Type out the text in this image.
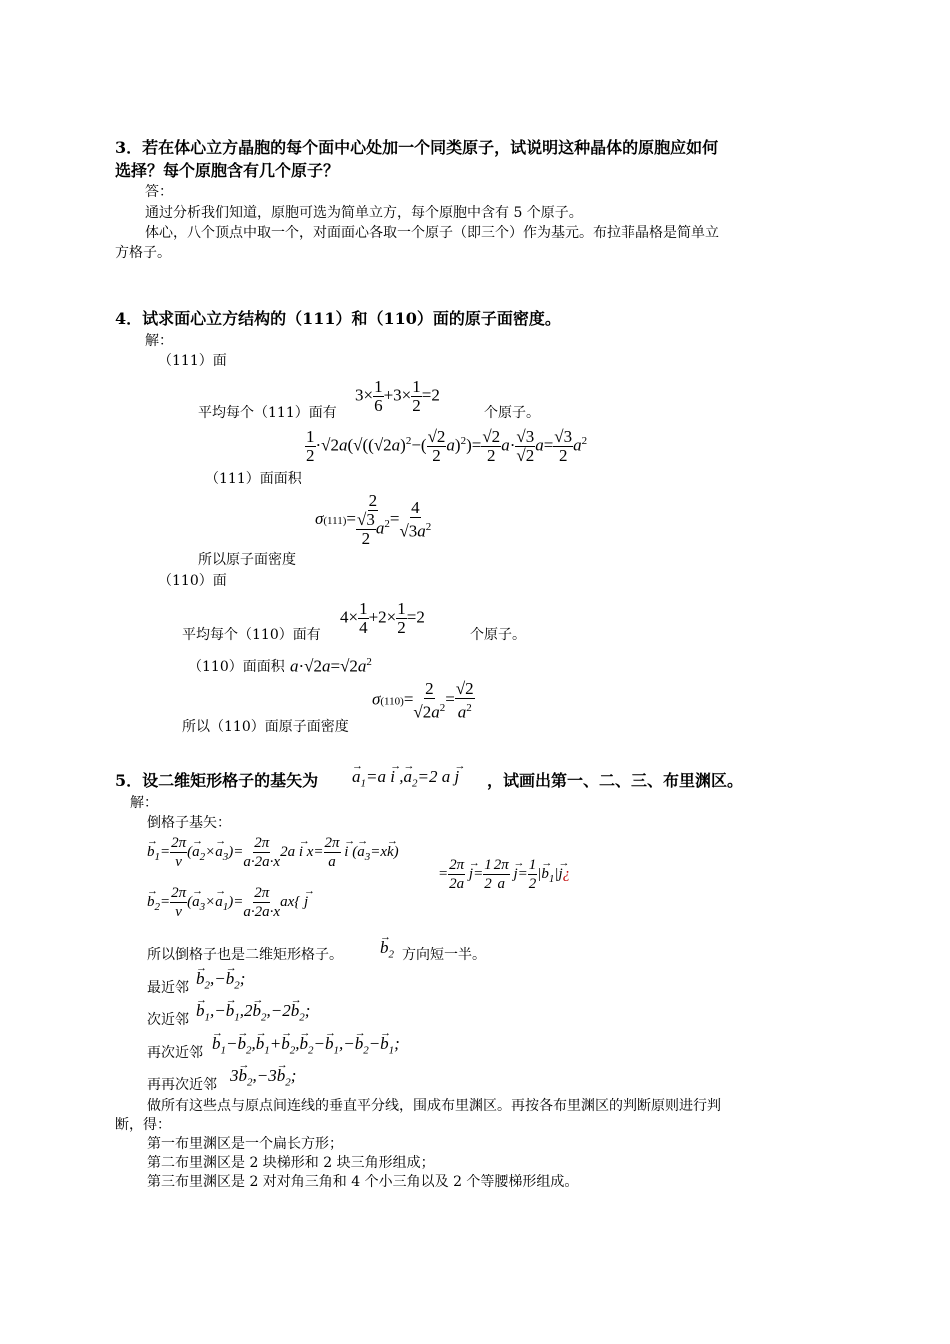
3．若在体心立方晶胞的每个面中心处加一个同类原子，试说明这种晶体的原胞应如何
选择？每个原胞含有几个原子？
答：
通过分析我们知道，原胞可选为简单立方，每个原胞中含有 5 个原子。
体心，八个顶点中取一个，对面面心各取一个原子（即三个）作为基元。布拉菲晶格是简单立
方格子。
4．试求面心立方结构的（111）和（110）面的原子面密度。
解：
（111）面
平均每个（111）面有
$3\times \frac{1}{6} +3\times \frac{1}{2} =2$
个原子。
（111）面面积
$\frac{1}{2} \cdot√2a(√((√2a)^2-( \frac{√2}{2} a)^2)= \frac{√2}{2} a\cdot \frac{√3}{√2} a= \frac{√3}{2} a^2$
$\sigma(111)= \frac{2}{\frac{√3}{2} a^2} = \frac{4}{√3a^2}$
所以原子面密度
（110）面
平均每个（110）面有
$4\times \frac{1}{4} +2\times \frac{1}{2} =2$
个原子。
（110）面面积 $a\cdot√2a=√2a^2$
$\sigma(110)= \frac{2}{√2a^2} = \frac{√2}{a^2}$
所以（110）面原子面密度
5．设二维矩形格子的基矢为
→ $a_1=a \to i$ ,→ $a_2=2$ a → j ，试画出第一、二、三、布里渊区。
解：
倒格子基矢：
→ $b_1= \frac{2\pi}{v}$ (→ $a_2\times\to a_3)= \frac{2\pi}{a\cdot 2a\cdot x} 2a \to i$ $x= \frac{2\pi}{a}$
→ i (→ $a_3=x\to k$)
= $\frac{2\pi}{2a}$
→ $j= \frac{1}{2} \frac{2\pi}{a}$
→ $j= \frac{1}{2}$ |→ $b_1|\to$ j¿
→ $b_2= \frac{2\pi}{v}$ (→ $a_3\times\to a_1)= \frac{2\pi}{a\cdot 2a\cdot x} ax\{ \to j$
所以倒格子也是二维矩形格子。
→ $b_2$ 方向短一半。
最近邻
→ $b_2,-\to b_2$;
次近邻
→ $b_1,-\to b_1,2\to b_2,-2\to b_2$;
再次近邻
→ $b_1-\to b_2,\to b_1+\to b_2,\to b_2-\to b_1,-\to b_2-\to b_1$;
再再次近邻 $3\to b_2,-3\to b_2$;
做所有这些点与原点间连线的垂直平分线，围成布里渊区。再按各布里渊区的判断原则进行判
断，得：
第一布里渊区是一个扁长方形；
第二布里渊区是 2 块梯形和 2 块三角形组成；
第三布里渊区是 2 对对角三角和 4 个小三角以及 2 个等腰梯形组成。
